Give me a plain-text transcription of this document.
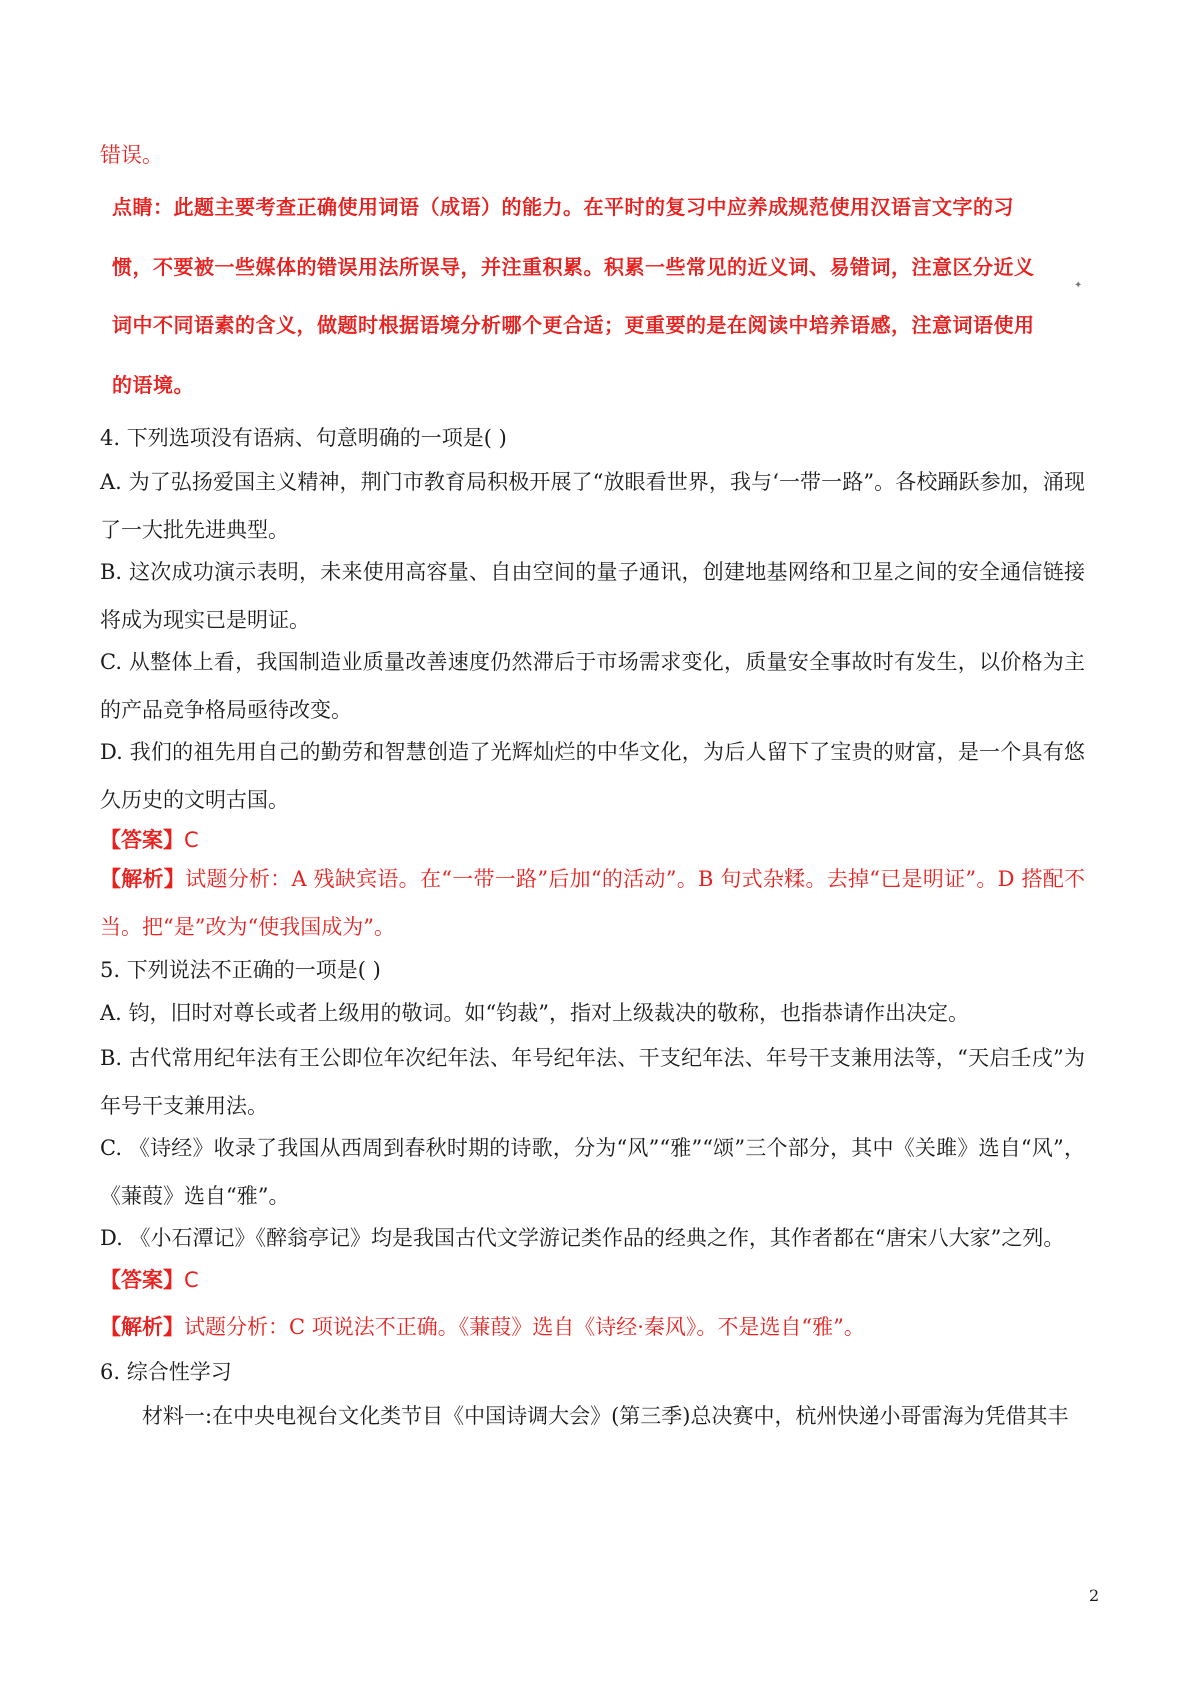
错误。
点睛：此题主要考查正确使用词语（成语）的能力。在平时的复习中应养成规范使用汉语言文字的习
惯，不要被一些媒体的错误用法所误导，并注重积累。积累一些常见的近义词、易错词，注意区分近义
✦
词中不同语素的含义，做题时根据语境分析哪个更合适；更重要的是在阅读中培养语感，注意词语使用
的语境。
4. 下列选项没有语病、句意明确的一项是( )
A. 为了弘扬爱国主义精神，荆门市教育局积极开展了“放眼看世界，我与‘一带一路”。各校踊跃参加，涌现了一大批先进典型。
B. 这次成功演示表明，未来使用高容量、自由空间的量子通讯，创建地基网络和卫星之间的安全通信链接将成为现实已是明证。
C. 从整体上看，我国制造业质量改善速度仍然滞后于市场需求变化，质量安全事故时有发生，以价格为主的产品竞争格局亟待改变。
D. 我们的祖先用自己的勤劳和智慧创造了光辉灿烂的中华文化，为后人留下了宝贵的财富，是一个具有悠久历史的文明古国。
【答案】C
【解析】试题分析：A 残缺宾语。在“一带一路”后加“的活动”。B 句式杂糅。去掉“已是明证”。D 搭配不当。把“是”改为“使我国成为”。
5. 下列说法不正确的一项是( )
A. 钧，旧时对尊长或者上级用的敬词。如“钧裁”，指对上级裁决的敬称，也指恭请作出决定。
B. 古代常用纪年法有王公即位年次纪年法、年号纪年法、干支纪年法、年号干支兼用法等，“天启壬戌”为年号干支兼用法。
C. 《诗经》收录了我国从西周到春秋时期的诗歌，分为“风”“雅”“颂”三个部分，其中《关雎》选自“风”，《蒹葭》选自“雅”。
D. 《小石潭记》《醉翁亭记》均是我国古代文学游记类作品的经典之作，其作者都在“唐宋八大家”之列。
【答案】C
【解析】试题分析：C 项说法不正确。《蒹葭》选自《诗经·秦风》。不是选自“雅”。
6. 综合性学习
材料一:在中央电视台文化类节目《中国诗调大会》(第三季)总决赛中，杭州快递小哥雷海为凭借其丰
2
